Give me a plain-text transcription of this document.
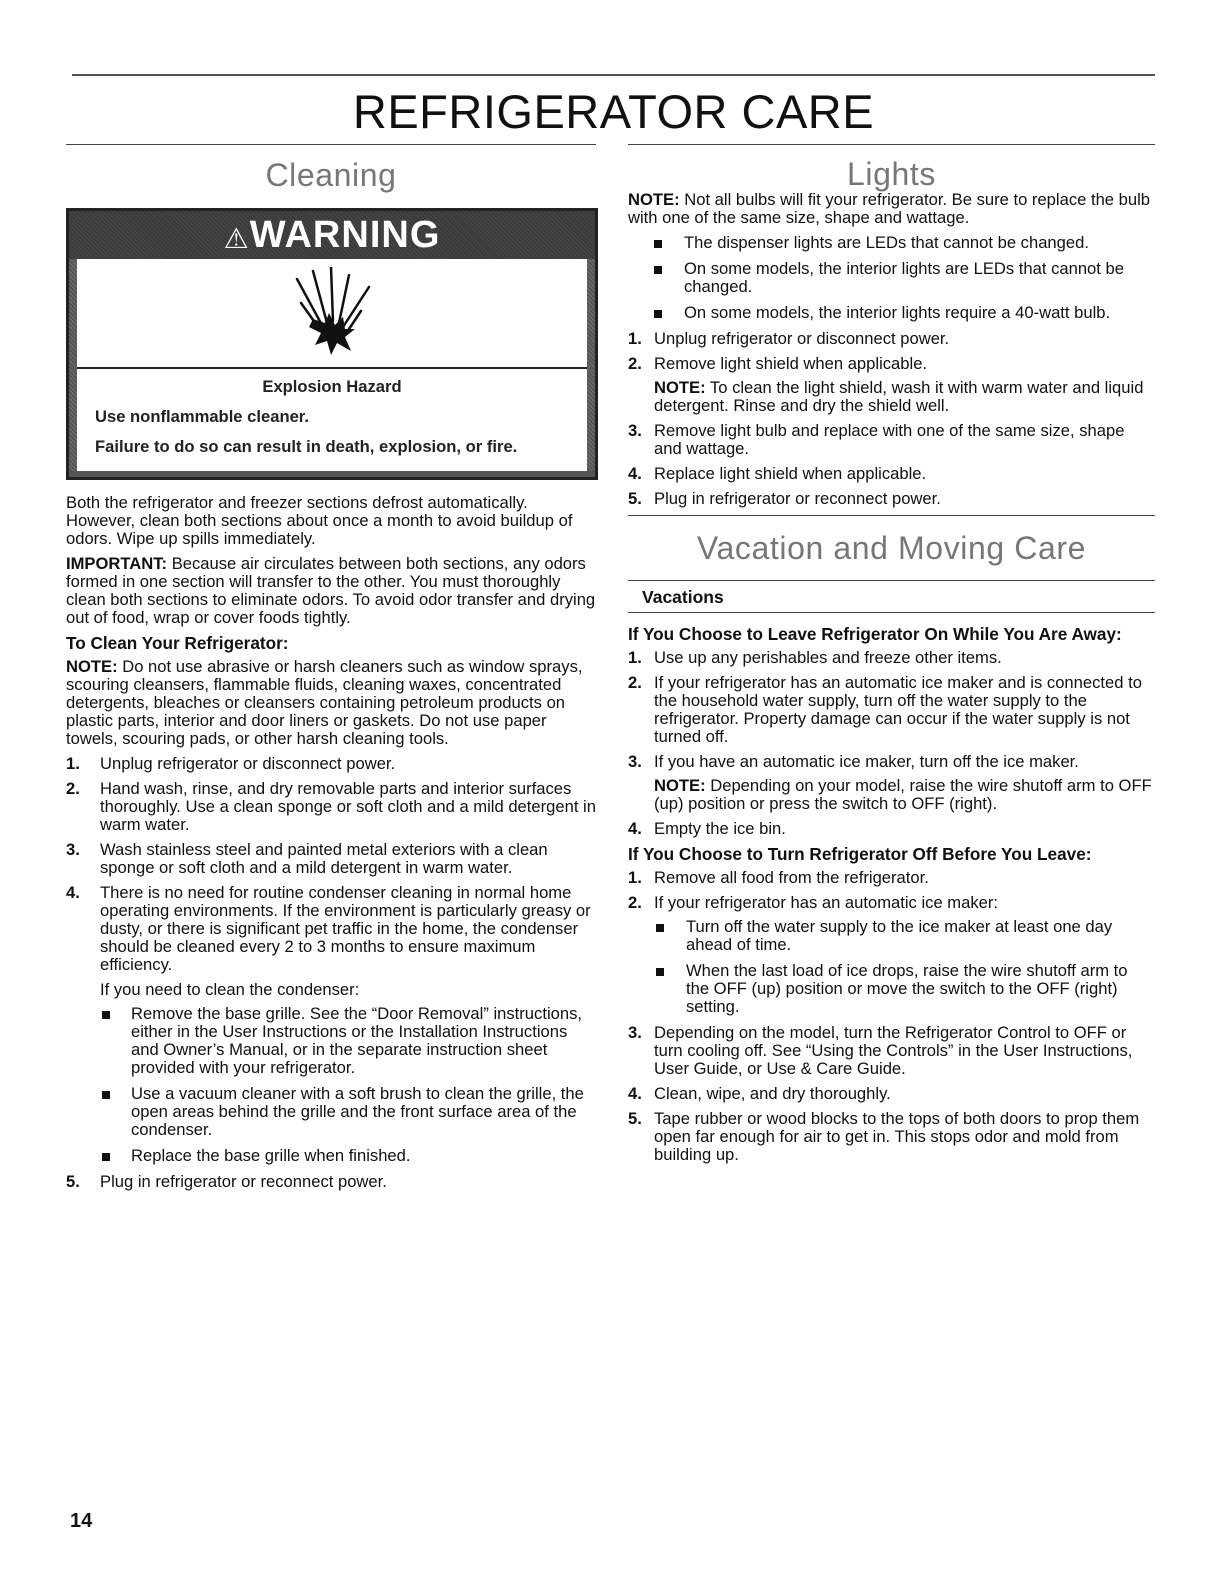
REFRIGERATOR CARE
Cleaning
⚠WARNING
Explosion Hazard

Use nonflammable cleaner.

Failure to do so can result in death, explosion, or fire.

Both the refrigerator and freezer sections defrost automatically. However, clean both sections about once a month to avoid buildup of odors. Wipe up spills immediately.

IMPORTANT: Because air circulates between both sections, any odors formed in one section will transfer to the other. You must thoroughly clean both sections to eliminate odors. To avoid odor transfer and drying out of food, wrap or cover foods tightly.

To Clean Your Refrigerator:

NOTE: Do not use abrasive or harsh cleaners such as window sprays, scouring cleansers, flammable fluids, cleaning waxes, concentrated detergents, bleaches or cleansers containing petroleum products on plastic parts, interior and door liners or gaskets. Do not use paper towels, scouring pads, or other harsh cleaning tools.

1. Unplug refrigerator or disconnect power.
2. Hand wash, rinse, and dry removable parts and interior surfaces thoroughly. Use a clean sponge or soft cloth and a mild detergent in warm water.
3. Wash stainless steel and painted metal exteriors with a clean sponge or soft cloth and a mild detergent in warm water.
4. There is no need for routine condenser cleaning in normal home operating environments. If the environment is particularly greasy or dusty, or there is significant pet traffic in the home, the condenser should be cleaned every 2 to 3 months to ensure maximum efficiency.
If you need to clean the condenser:
Remove the base grille. See the “Door Removal” instructions, either in the User Instructions or the Installation Instructions and Owner’s Manual, or in the separate instruction sheet provided with your refrigerator.
Use a vacuum cleaner with a soft brush to clean the grille, the open areas behind the grille and the front surface area of the condenser.
Replace the base grille when finished.
5. Plug in refrigerator or reconnect power.
Lights

NOTE: Not all bulbs will fit your refrigerator. Be sure to replace the bulb with one of the same size, shape and wattage.

The dispenser lights are LEDs that cannot be changed.
On some models, the interior lights are LEDs that cannot be changed.
On some models, the interior lights require a 40-watt bulb.
1. Unplug refrigerator or disconnect power.
2. Remove light shield when applicable.
NOTE: To clean the light shield, wash it with warm water and liquid detergent. Rinse and dry the shield well.
3. Remove light bulb and replace with one of the same size, shape and wattage.
4. Replace light shield when applicable.
5. Plug in refrigerator or reconnect power.
Vacation and Moving Care
Vacations
If You Choose to Leave Refrigerator On While You Are Away:
1. Use up any perishables and freeze other items.
2. If your refrigerator has an automatic ice maker and is connected to the household water supply, turn off the water supply to the refrigerator. Property damage can occur if the water supply is not turned off.
3. If you have an automatic ice maker, turn off the ice maker.
NOTE: Depending on your model, raise the wire shutoff arm to OFF (up) position or press the switch to OFF (right).
4. Empty the ice bin.
If You Choose to Turn Refrigerator Off Before You Leave:
1. Remove all food from the refrigerator.
2. If your refrigerator has an automatic ice maker:
Turn off the water supply to the ice maker at least one day ahead of time.
When the last load of ice drops, raise the wire shutoff arm to the OFF (up) position or move the switch to the OFF (right) setting.
3. Depending on the model, turn the Refrigerator Control to OFF or turn cooling off. See “Using the Controls” in the User Instructions, User Guide, or Use & Care Guide.
4. Clean, wipe, and dry thoroughly.
5. Tape rubber or wood blocks to the tops of both doors to prop them open far enough for air to get in. This stops odor and mold from building up.
14
